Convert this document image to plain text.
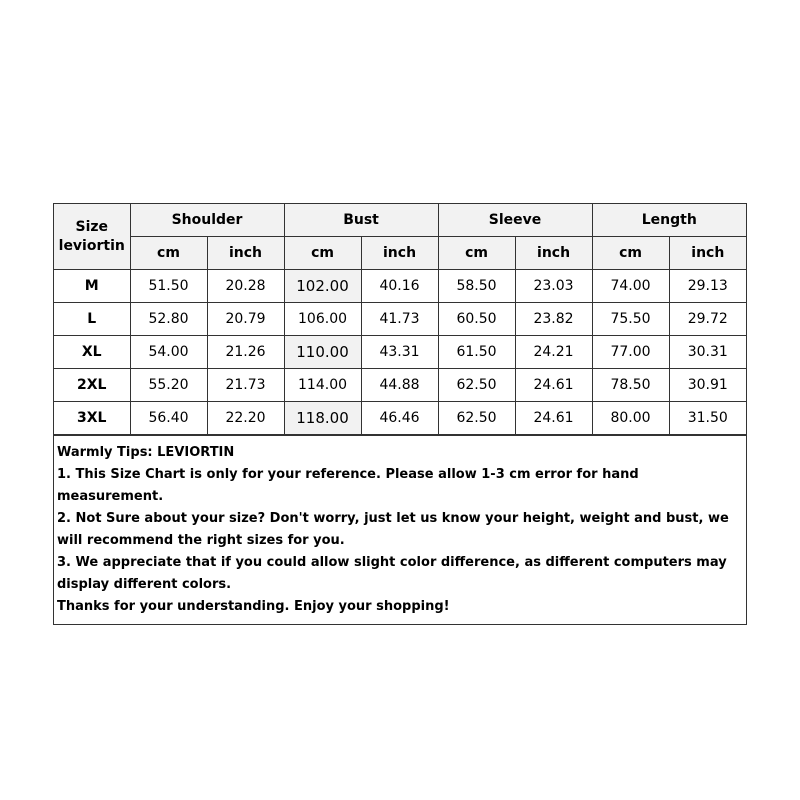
Size
leviortin	Shoulder		Bust		Sleeve		Length	
	cm	inch	cm	inch	cm	inch	cm	inch
M	51.50	20.28	102.00	40.16	58.50	23.03	74.00	29.13
L	52.80	20.79	106.00	41.73	60.50	23.82	75.50	29.72
XL	54.00	21.26	110.00	43.31	61.50	24.21	77.00	30.31
2XL	55.20	21.73	114.00	44.88	62.50	24.61	78.50	30.91
3XL	56.40	22.20	118.00	46.46	62.50	24.61	80.00	31.50

Warmly Tips: LEVIORTIN

1. This Size Chart is only for your reference. Please allow 1-3 cm error for hand measurement.

2. Not Sure about your size? Don't worry, just let us know your height, weight and bust, we will recommend the right sizes for you.

3. We appreciate that if you could allow slight color difference, as different computers may display different colors.

Thanks for your understanding. Enjoy your shopping!
